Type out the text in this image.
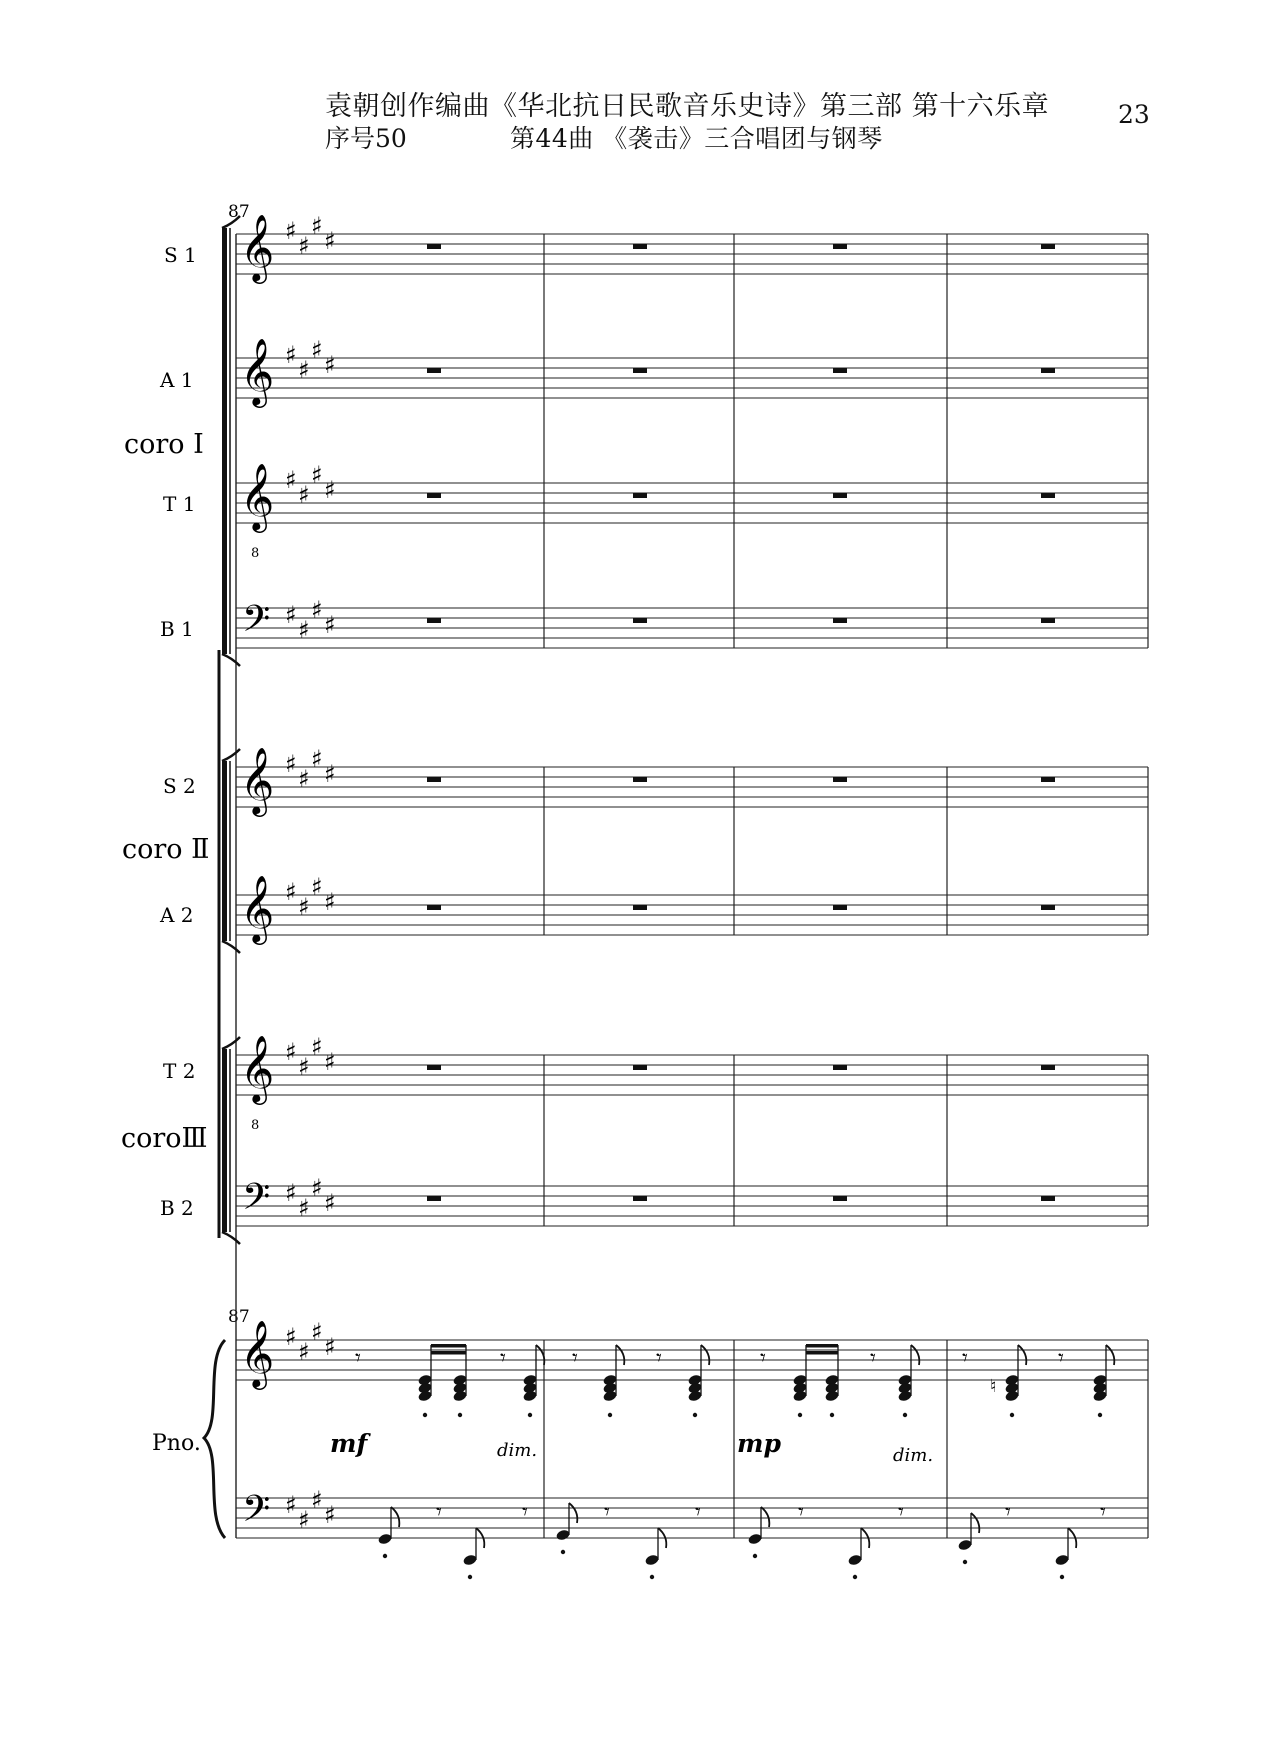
袁朝创作编曲《华北抗日民歌音乐史诗》第三部 第十六乐章
序号50	第44曲 《袭击》三合唱团与钢琴
23
87
87
S 1
A 1
T 1
B 1
S 2
A 2
T 2
B 2
coro Ⅰ
coro Ⅱ
coroⅢ
Pno.	mf	dim.	mp	dim.
𝄞 ♯
♯
♯
♯
𝄞 ♯
♯
♯
♯
𝄞
8
♯
♯
♯
♯
𝄢 ♯
♯
♯
♯
𝄞 ♯
♯
♯
♯
𝄞 ♯
♯
♯
♯
𝄞
8
♯
♯
♯
♯
𝄢 ♯
♯
♯
♯
𝄞 ♯
♯
♯
♯
𝄢 ♯
♯
♯
♯
𝄾	𝄾	𝄾	𝄾	𝄾	𝄾	𝄾	𝄾
♮
𝄾	𝄾	𝄾	𝄾	𝄾	𝄾	𝄾	𝄾
